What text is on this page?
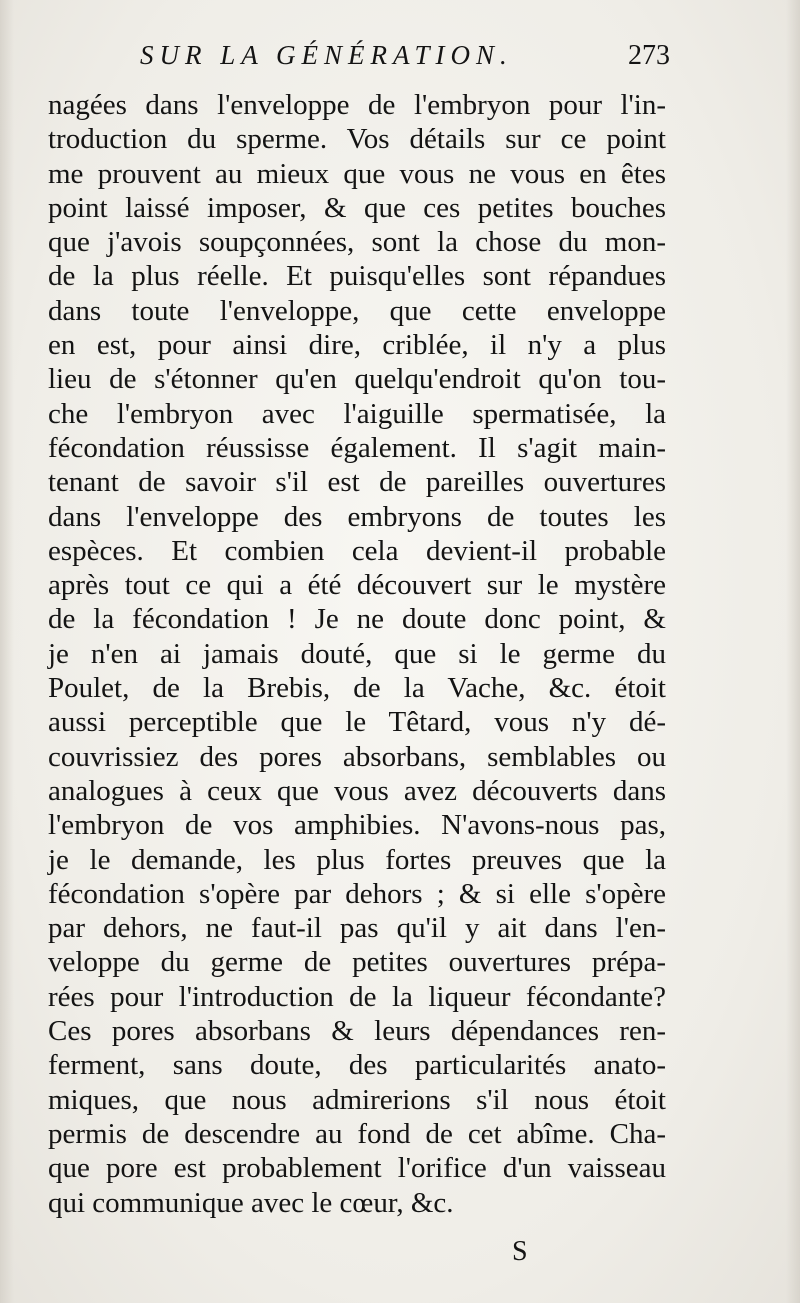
SUR LA GÉNÉRATION.	273
nagées dans l'enveloppe de l'embryon pour l'in-
troduction du sperme. Vos détails sur ce point
me prouvent au mieux que vous ne vous en êtes
point laissé imposer, & que ces petites bouches
que j'avois soupçonnées, sont la chose du mon-
de la plus réelle. Et puisqu'elles sont répandues
dans toute l'enveloppe, que cette enveloppe
en est, pour ainsi dire, criblée, il n'y a plus
lieu de s'étonner qu'en quelqu'endroit qu'on tou-
che l'embryon avec l'aiguille spermatisée, la
fécondation réussisse également. Il s'agit main-
tenant de savoir s'il est de pareilles ouvertures
dans l'enveloppe des embryons de toutes les
espèces. Et combien cela devient-il probable
après tout ce qui a été découvert sur le mystère
de la fécondation ! Je ne doute donc point, &
je n'en ai jamais douté, que si le germe du
Poulet, de la Brebis, de la Vache, &c. étoit
aussi perceptible que le Têtard, vous n'y dé-
couvrissiez des pores absorbans, semblables ou
analogues à ceux que vous avez découverts dans
l'embryon de vos amphibies. N'avons-nous pas,
je le demande, les plus fortes preuves que la
fécondation s'opère par dehors ; & si elle s'opère
par dehors, ne faut-il pas qu'il y ait dans l'en-
veloppe du germe de petites ouvertures prépa-
rées pour l'introduction de la liqueur fécondante?
Ces pores absorbans & leurs dépendances ren-
ferment, sans doute, des particularités anato-
miques, que nous admirerions s'il nous étoit
permis de descendre au fond de cet abîme. Cha-
que pore est probablement l'orifice d'un vaisseau
qui communique avec le cœur, &c.
S
